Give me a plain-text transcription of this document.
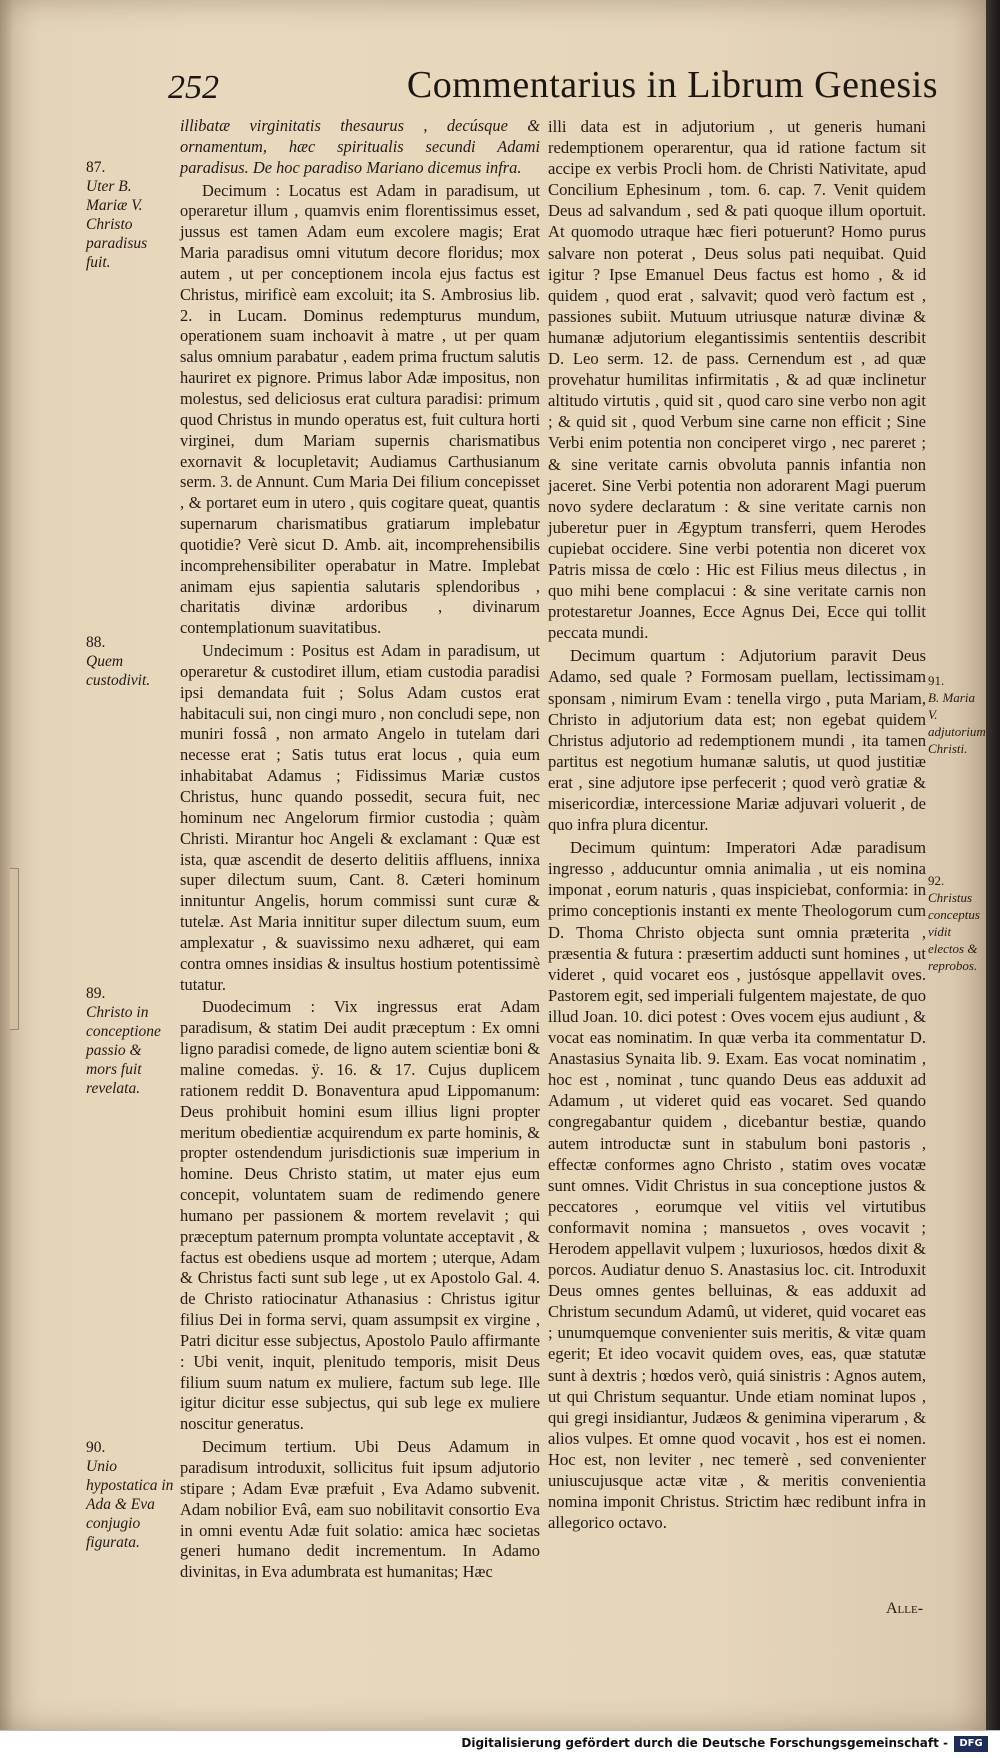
252	Commentarius in Librum Genesis
87.
Uter B. Mariæ V. Christo paradisus fuit.
88.
Quem custodivit.
89.
Christo in conceptione passio & mors fuit revelata.
90.
Unio hypostatica in Ada & Eva conjugio figurata.
91.
B. Maria V. adjutorium Christi.
92.
Christus conceptus vidit electos & reprobos.

illibatæ virginitatis thesaurus , decúsque & ornamentum, hæc spiritualis secundi Adami paradisus. De hoc paradiso Mariano dicemus infra.

Decimum : Locatus est Adam in paradisum, ut operaretur illum , quamvis enim florentissimus esset, jussus est tamen Adam eum excolere magis; Erat Maria paradisus omni vitutum decore floridus; mox autem , ut per conceptionem incola ejus factus est Christus, mirificè eam excoluit; ita S. Ambrosius lib. 2. in Lucam. Dominus redempturus mundum, operationem suam inchoavit à matre , ut per quam salus omnium parabatur , eadem prima fructum salutis hauriret ex pignore. Primus labor Adæ impositus, non molestus, sed deliciosus erat cultura paradisi: primum quod Christus in mundo operatus est, fuit cultura horti virginei, dum Mariam supernis charismatibus exornavit & locupletavit; Audiamus Carthusianum serm. 3. de Annunt. Cum Maria Dei filium concepisset , & portaret eum in utero , quis cogitare queat, quantis supernarum charismatibus gratiarum implebatur quotidie? Verè sicut D. Amb. ait, incomprehensibilis incomprehensibiliter operabatur in Matre. Implebat animam ejus sapientia salutaris splendoribus , charitatis divinæ ardoribus , divinarum contemplationum suavitatibus.

Undecimum : Positus est Adam in paradisum, ut operaretur & custodiret illum, etiam custodia paradisi ipsi demandata fuit ; Solus Adam custos erat habitaculi sui, non cingi muro , non concludi sepe, non muniri fossâ , non armato Angelo in tutelam dari necesse erat ; Satis tutus erat locus , quia eum inhabitabat Adamus ; Fidissimus Mariæ custos Christus, hunc quando possedit, secura fuit, nec hominum nec Angelorum firmior custodia ; quàm Christi. Mirantur hoc Angeli & exclamant : Quæ est ista, quæ ascendit de deserto delitiis affluens, innixa super dilectum suum, Cant. 8. Cæteri hominum innituntur Angelis, horum commissi sunt curæ & tutelæ. Ast Maria innititur super dilectum suum, eum amplexatur , & suavissimo nexu adhæret, qui eam contra omnes insidias & insultus hostium potentissimè tutatur.

Duodecimum : Vix ingressus erat Adam paradisum, & statim Dei audit præceptum : Ex omni ligno paradisi comede, de ligno autem scientiæ boni & maline comedas. ÿ. 16. & 17. Cujus duplicem rationem reddit D. Bonaventura apud Lippomanum: Deus prohibuit homini esum illius ligni propter meritum obedientiæ acquirendum ex parte hominis, & propter ostendendum jurisdictionis suæ imperium in homine. Deus Christo statim, ut mater ejus eum concepit, voluntatem suam de redimendo genere humano per passionem & mortem revelavit ; qui præceptum paternum prompta voluntate acceptavit , & factus est obediens usque ad mortem ; uterque, Adam & Christus facti sunt sub lege , ut ex Apostolo Gal. 4. de Christo ratiocinatur Athanasius : Christus igitur filius Dei in forma servi, quam assumpsit ex virgine , Patri dicitur esse subjectus, Apostolo Paulo affirmante : Ubi venit, inquit, plenitudo temporis, misit Deus filium suum natum ex muliere, factum sub lege. Ille igitur dicitur esse subjectus, qui sub lege ex muliere noscitur generatus.

Decimum tertium. Ubi Deus Adamum in paradisum introduxit, sollicitus fuit ipsum adjutorio stipare ; Adam Evæ præfuit , Eva Adamo subvenit. Adam nobilior Evâ, eam suo nobilitavit consortio Eva in omni eventu Adæ fuit solatio: amica hæc societas generi humano dedit incrementum. In Adamo divinitas, in Eva adumbrata est humanitas; Hæc

illi data est in adjutorium , ut generis humani redemptionem operarentur, qua id ratione factum sit accipe ex verbis Procli hom. de Christi Nativitate, apud Concilium Ephesinum , tom. 6. cap. 7. Venit quidem Deus ad salvandum , sed & pati quoque illum oportuit. At quomodo utraque hæc fieri potuerunt? Homo purus salvare non poterat , Deus solus pati nequibat. Quid igitur ? Ipse Emanuel Deus factus est homo , & id quidem , quod erat , salvavit; quod verò factum est , passiones subiit. Mutuum utriusque naturæ divinæ & humanæ adjutorium elegantissimis sententiis describit D. Leo serm. 12. de pass. Cernendum est , ad quæ provehatur humilitas infirmitatis , & ad quæ inclinetur altitudo virtutis , quid sit , quod caro sine verbo non agit ; & quid sit , quod Verbum sine carne non efficit ; Sine Verbi enim potentia non conciperet virgo , nec pareret ; & sine veritate carnis obvoluta pannis infantia non jaceret. Sine Verbi potentia non adorarent Magi puerum novo sydere declaratum : & sine veritate carnis non juberetur puer in Ægyptum transferri, quem Herodes cupiebat occidere. Sine verbi potentia non diceret vox Patris missa de cœlo : Hic est Filius meus dilectus , in quo mihi bene complacui : & sine veritate carnis non protestaretur Joannes, Ecce Agnus Dei, Ecce qui tollit peccata mundi.

Decimum quartum : Adjutorium paravit Deus Adamo, sed quale ? Formosam puellam, lectissimam sponsam , nimirum Evam : tenella virgo , puta Mariam, Christo in adjutorium data est; non egebat quidem Christus adjutorio ad redemptionem mundi , ita tamen partitus est negotium humanæ salutis, ut quod justitiæ erat , sine adjutore ipse perfecerit ; quod verò gratiæ & misericordiæ, intercessione Mariæ adjuvari voluerit , de quo infra plura dicentur.

Decimum quintum: Imperatori Adæ paradisum ingresso , adducuntur omnia animalia , ut eis nomina imponat , eorum naturis , quas inspiciebat, conformia: in primo conceptionis instanti ex mente Theologorum cum D. Thoma Christo objecta sunt omnia præterita , præsentia & futura : præsertim adducti sunt homines , ut videret , quid vocaret eos , justósque appellavit oves. Pastorem egit, sed imperiali fulgentem majestate, de quo illud Joan. 10. dici potest : Oves vocem ejus audiunt , & vocat eas nominatim. In quæ verba ita commentatur D. Anastasius Synaita lib. 9. Exam. Eas vocat nominatim , hoc est , nominat , tunc quando Deus eas adduxit ad Adamum , ut videret quid eas vocaret. Sed quando congregabantur quidem , dicebantur bestiæ, quando autem introductæ sunt in stabulum boni pastoris , effectæ conformes agno Christo , statim oves vocatæ sunt omnes. Vidit Christus in sua conceptione justos & peccatores , eorumque vel vitiis vel virtutibus conformavit nomina ; mansuetos , oves vocavit ; Herodem appellavit vulpem ; luxuriosos, hœdos dixit & porcos. Audiatur denuo S. Anastasius loc. cit. Introduxit Deus omnes gentes belluinas, & eas adduxit ad Christum secundum Adamû, ut videret, quid vocaret eas ; unumquemque convenienter suis meritis, & vitæ quam egerit; Et ideo vocavit quidem oves, eas, quæ statutæ sunt à dextris ; hœdos verò, quiá sinistris : Agnos autem, ut qui Christum sequantur. Unde etiam nominat lupos , qui gregi insidiantur, Judæos & genimina viperarum , & alios vulpes. Et omne quod vocavit , hos est ei nomen. Hoc est, non leviter , nec temerè , sed convenienter uniuscujusque actæ vitæ , & meritis convenientia nomina imponit Christus. Strictim hæc redibunt infra in allegorico octavo.

Alle-
Digitalisierung gefördert durch die Deutsche Forschungsgemeinschaft -	DFG
